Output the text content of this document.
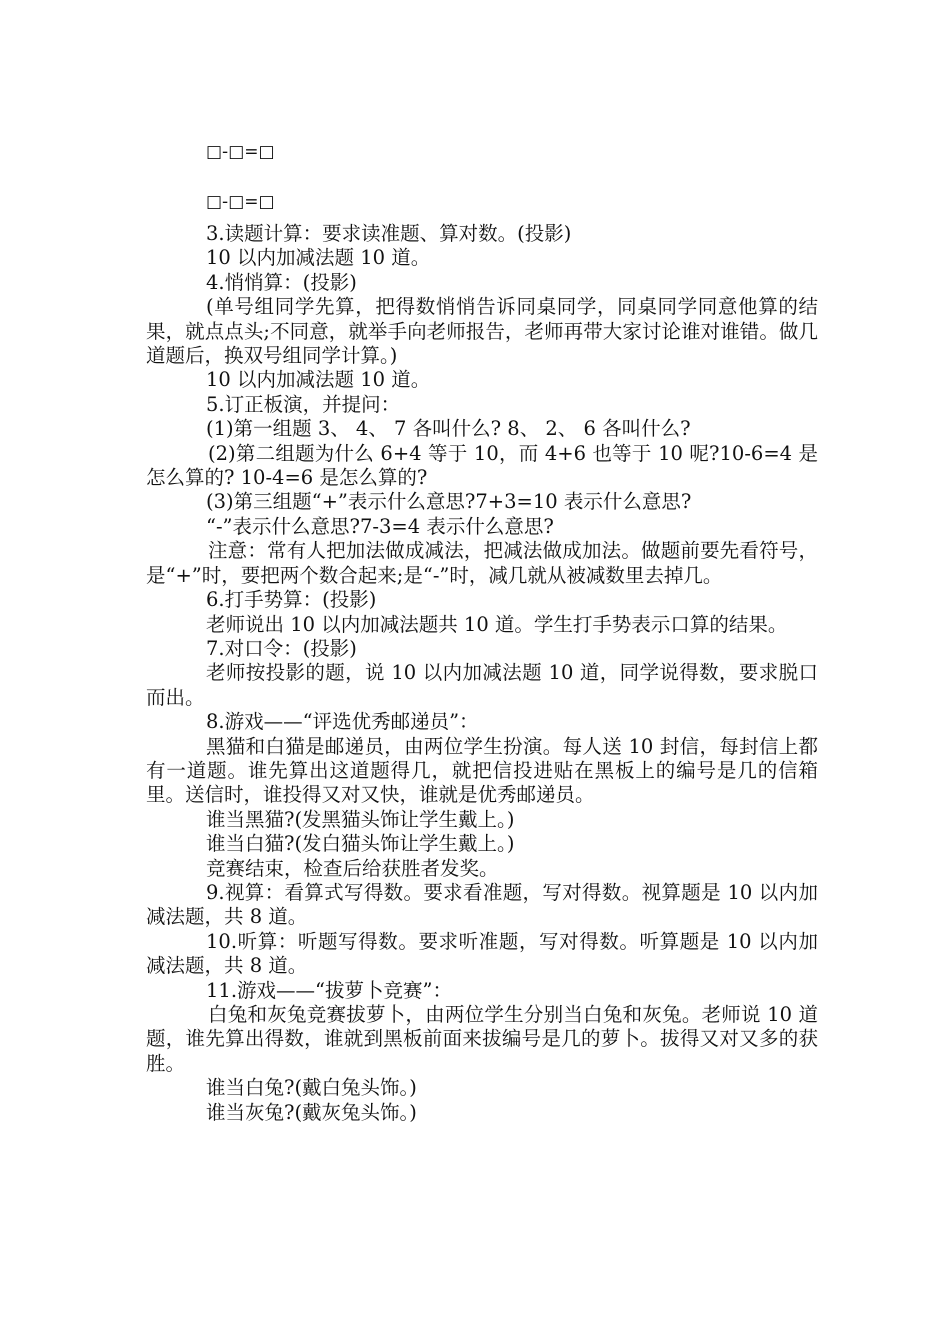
□-□=□
□-□=□

3.读题计算：要求读准题、算对数。(投影)

10 以内加减法题 10 道。

4.悄悄算：(投影)

(单号组同学先算，把得数悄悄告诉同桌同学，同桌同学同意他算的结果，就点点头;不同意，就举手向老师报告，老师再带大家讨论谁对谁错。做几道题后，换双号组同学计算。)

10 以内加减法题 10 道。

5.订正板演，并提问：

(1)第一组题 3、 4、 7 各叫什么? 8、 2、 6 各叫什么?

(2)第二组题为什么 6+4 等于 10，而 4+6 也等于 10 呢?10-6=4 是怎么算的? 10-4=6 是怎么算的?

(3)第三组题“+”表示什么意思?7+3=10 表示什么意思?

“-”表示什么意思?7-3=4 表示什么意思?

注意：常有人把加法做成减法，把减法做成加法。做题前要先看符号，是“+”时，要把两个数合起来;是“-”时，减几就从被减数里去掉几。

6.打手势算：(投影)

老师说出 10 以内加减法题共 10 道。学生打手势表示口算的结果。

7.对口令：(投影)

老师按投影的题，说 10 以内加减法题 10 道，同学说得数，要求脱口而出。

8.游戏——“评选优秀邮递员”：

黑猫和白猫是邮递员，由两位学生扮演。每人送 10 封信，每封信上都有一道题。谁先算出这道题得几，就把信投进贴在黑板上的编号是几的信箱里。送信时，谁投得又对又快，谁就是优秀邮递员。

谁当黑猫?(发黑猫头饰让学生戴上。)

谁当白猫?(发白猫头饰让学生戴上。)

竞赛结束，检查后给获胜者发奖。

9.视算：看算式写得数。要求看准题，写对得数。视算题是 10 以内加减法题，共 8 道。

10.听算：听题写得数。要求听准题，写对得数。听算题是 10 以内加减法题，共 8 道。

11.游戏——“拔萝卜竞赛”：

白兔和灰兔竞赛拔萝卜，由两位学生分别当白兔和灰兔。老师说 10 道题，谁先算出得数，谁就到黑板前面来拔编号是几的萝卜。拔得又对又多的获胜。

谁当白兔?(戴白兔头饰。)

谁当灰兔?(戴灰兔头饰。)
